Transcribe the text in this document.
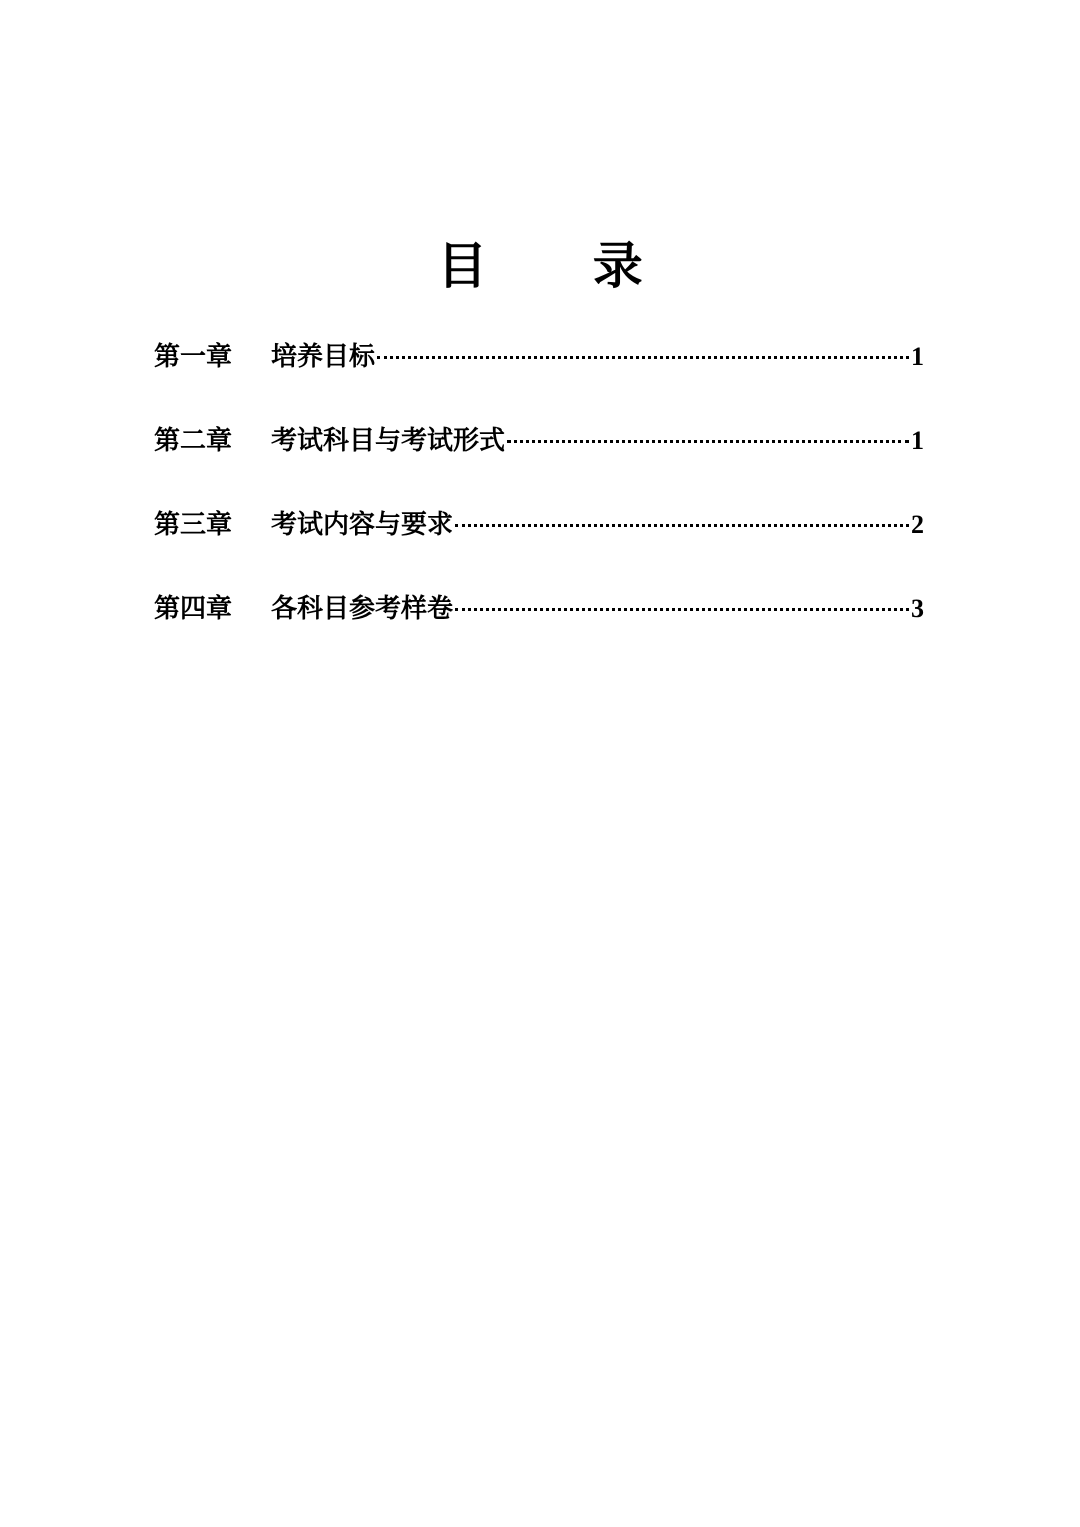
目 录
第一章	培养目标	1
第二章	考试科目与考试形式	1
第三章	考试内容与要求	2
第四章	各科目参考样卷	3
